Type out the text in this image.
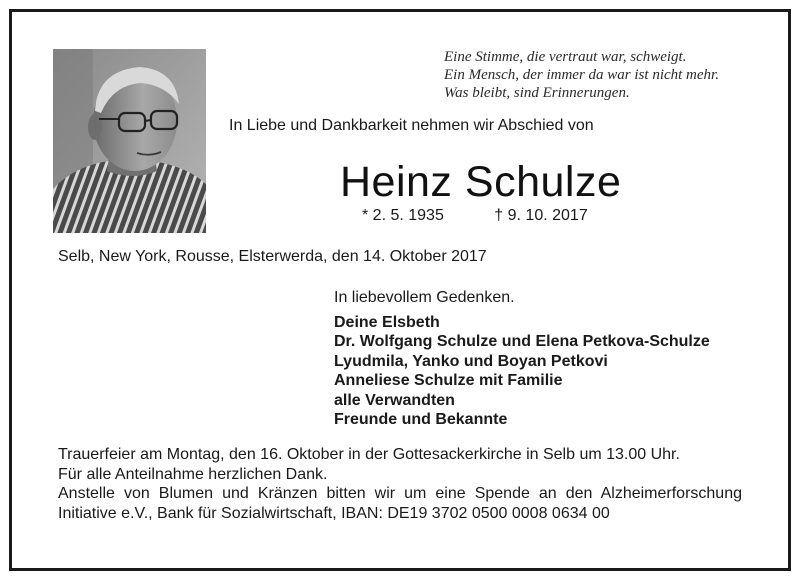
Eine Stimme, die vertraut war, schweigt.
Ein Mensch, der immer da war ist nicht mehr.
Was bleibt, sind Erinnerungen.
In Liebe und Dankbarkeit nehmen wir Abschied von
Heinz Schulze
* 2. 5. 1935	† 9. 10. 2017
Selb, New York, Rousse, Elsterwerda, den 14. Oktober 2017
In liebevollem Gedenken.
Deine Elsbeth
Dr. Wolfgang Schulze und Elena Petkova-Schulze
Lyudmila, Yanko und Boyan Petkovi
Anneliese Schulze mit Familie
alle Verwandten
Freunde und Bekannte
Trauerfeier am Montag, den 16. Oktober in der Gottesackerkirche in Selb um 13.00 Uhr.
Für alle Anteilnahme herzlichen Dank.
Anstelle von Blumen und Kränzen bitten wir um eine Spende an den Alzheimerforschung Initiative e.V., Bank für Sozialwirtschaft, IBAN: DE19 3702 0500 0008 0634 00
